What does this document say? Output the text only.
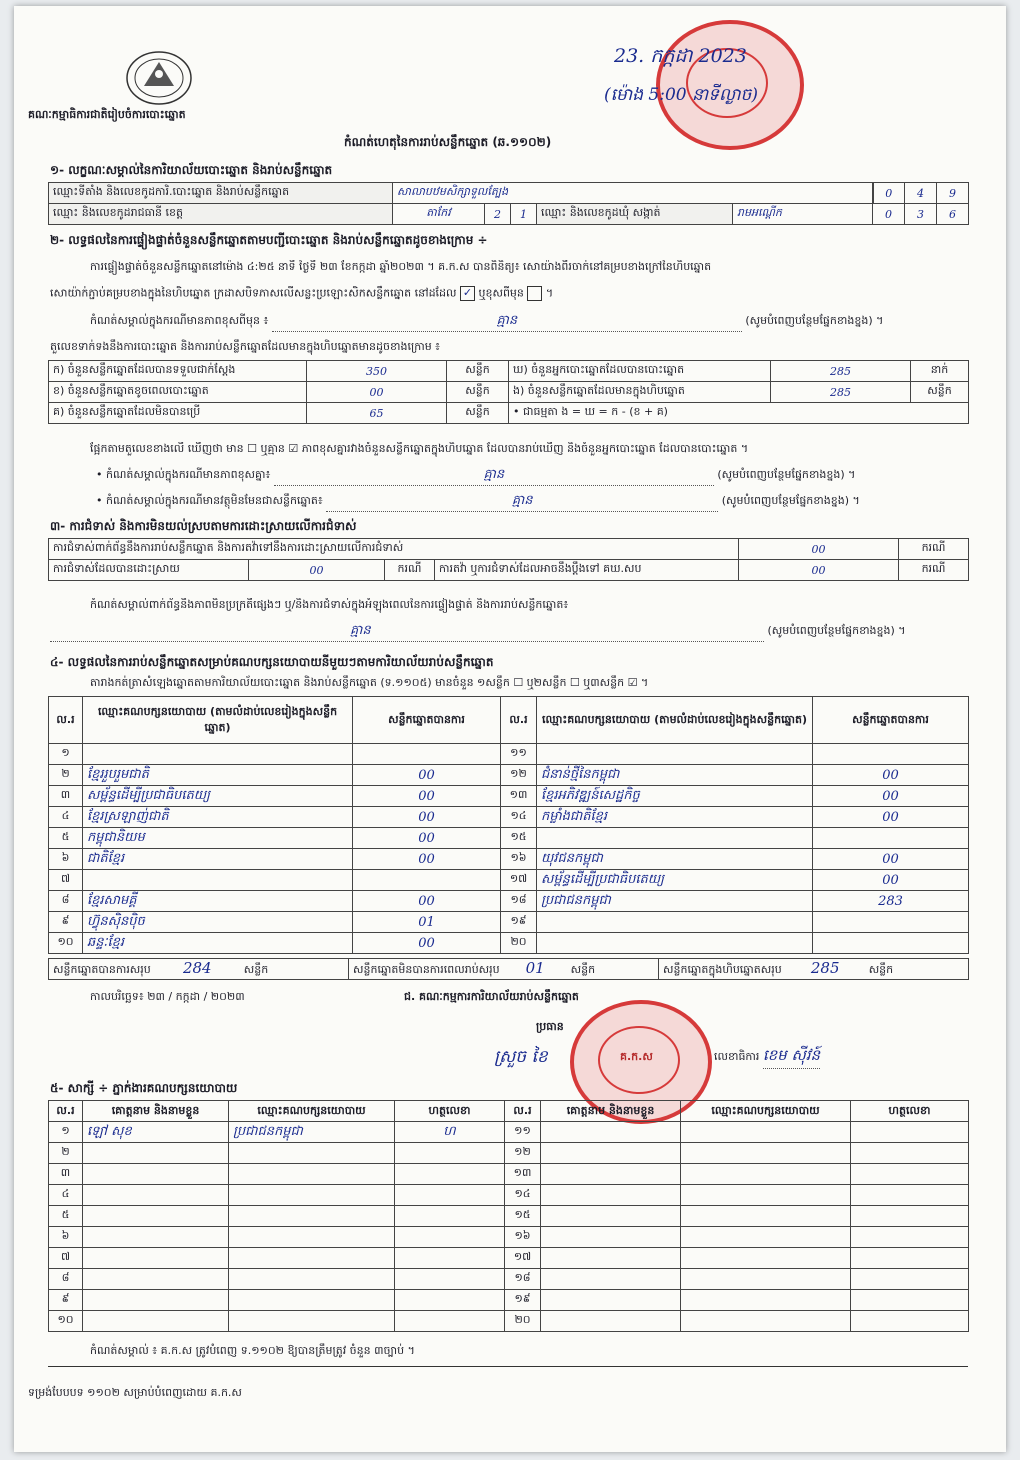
គណៈកម្មាធិការជាតិរៀបចំការបោះឆ្នោត
23. កក្កដា 2023
(ម៉ោង 5:00 នាទីល្ងាច)
កំណត់ហេតុនៃការរាប់សន្លឹកឆ្នោត (ឆ.១១០២)
១- លក្ខណៈសម្គាល់នៃការិយាល័យបោះឆ្នោត និងរាប់សន្លឹកឆ្នោត
ឈ្មោះទីតាំង និងលេខកូដការិ.បោះឆ្នោត និងរាប់សន្លឹកឆ្នោត	សាលាបឋមសិក្សាទួលត្បែង					0	4	9
ឈ្មោះ និងលេខកូដរាជធានី ខេត្ត	តាកែវ	2	1	ឈ្មោះ និងលេខកូដឃុំ សង្កាត់	រាមអណ្ដើក	0	3	6
២- លទ្ធផលនៃការផ្ទៀងផ្ទាត់ចំនួនសន្លឹកឆ្នោតតាមបញ្ជីបោះឆ្នោត និងរាប់សន្លឹកឆ្នោតដូចខាងក្រោម ÷
ការផ្ទៀងផ្ទាត់ចំនួនសន្លឹកឆ្នោតនៅម៉ោង ៤:២៥ នាទី ថ្ងៃទី ២៣ ខែកក្កដា ឆ្នាំ២០២៣ ។ គ.ក.ស បានពិនិត្យ៖ សោយ៉ាងពីរចាក់នៅគម្របខាងក្រៅនៃហិបឆ្នោត
សោយ៉ាក់ភ្ជាប់គម្របខាងក្នុងនៃហិបឆ្នោត ក្រដាសបិទភាសលើសន្លះប្រឡោះសិកសន្លឹកឆ្នោត នៅដដែល ✓ ឬខុសពីមុន  ។
កំណត់សម្គាល់ក្នុងករណីមានភាពខុសពីមុន ៖	គ្មាន	(សូមបំពេញបន្ថែមផ្នែកខាងខ្នង) ។
តួលេខទាក់ទងនឹងការបោះឆ្នោត និងការរាប់សន្លឹកឆ្នោតដែលមានក្នុងហិបឆ្នោតមានដូចខាងក្រោម ៖
ក) ចំនួនសន្លឹកឆ្នោតដែលបានទទួលជាក់ស្តែង	350	សន្លឹក	ឃ) ចំនួនអ្នកបោះឆ្នោតដែលបានបោះឆ្នោត	285	នាក់
ខ) ចំនួនសន្លឹកឆ្នោតខូចពេលបោះឆ្នោត	00	សន្លឹក	ង) ចំនួនសន្លឹកឆ្នោតដែលមានក្នុងហិបឆ្នោត	285	សន្លឹក
គ) ចំនួនសន្លឹកឆ្នោតដែលមិនបានប្រើ	65	សន្លឹក	• ជាធម្មតា ង = ឃ = ក - (ខ + គ)		
ផ្អែកតាមតួលេខខាងលើ ឃើញថា មាន ☐ ឬគ្មាន ☑ ភាពខុសគ្នារវាងចំនួនសន្លឹកឆ្នោតក្នុងហិបឆ្នោត ដែលបានរាប់ឃើញ និងចំនួនអ្នកបោះឆ្នោត ដែលបានបោះឆ្នោត ។
• កំណត់សម្គាល់ក្នុងករណីមានភាពខុសគ្នា៖	គ្មាន	(សូមបំពេញបន្ថែមផ្នែកខាងខ្នង) ។
• កំណត់សម្គាល់ក្នុងករណីមានវត្ថុមិនមែនជាសន្លឹកឆ្នោត៖	គ្មាន	(សូមបំពេញបន្ថែមផ្នែកខាងខ្នង) ។
៣- ការជំទាស់ និងការមិនយល់ស្របតាមការដោះស្រាយលើការជំទាស់
ការជំទាស់ពាក់ព័ន្ធនឹងការរាប់សន្លឹកឆ្នោត និងការតវ៉ាទៅនឹងការដោះស្រាយលើការជំទាស់				00	ករណី
ការជំទាស់ដែលបានដោះស្រាយ	00	ករណី	ការតវ៉ា ឬការជំទាស់ដែលអាចនឹងប្ដឹងទៅ គឃ.សប	00	ករណី
កំណត់សម្គាល់ពាក់ព័ន្ធនឹងភាពមិនប្រក្រតីផ្សេងៗ ឬ/និងការជំទាស់ក្នុងអំឡុងពេលនៃការផ្ទៀងផ្ទាត់ និងការរាប់សន្លឹកឆ្នោត៖
គ្មាន	(សូមបំពេញបន្ថែមផ្នែកខាងខ្នង) ។
៤- លទ្ធផលនៃការរាប់សន្លឹកឆ្នោតសម្រាប់គណបក្សនយោបាយនីមួយៗតាមការិយាល័យរាប់សន្លឹកឆ្នោត
តារាងកត់ត្រាសំឡេងឆ្នោតតាមការិយាល័យបោះឆ្នោត និងរាប់សន្លឹកឆ្នោត (ទ.១១០៥) មានចំនួន ១សន្លឹក ☐ ឬ២សន្លឹក ☐ ឬ៣សន្លឹក ☑ ។
ល.រ	ឈ្មោះគណបក្សនយោបាយ (តាមលំដាប់លេខរៀងក្នុងសន្លឹកឆ្នោត)	សន្លឹកឆ្នោតបានការ	ល.រ	ឈ្មោះគណបក្សនយោបាយ (តាមលំដាប់លេខរៀងក្នុងសន្លឹកឆ្នោត)	សន្លឹកឆ្នោតបានការ
១			១១		
២	ខ្មែររួបរួមជាតិ	00	១២	ជំនាន់ថ្មីនៃកម្ពុជា	00
៣	សម្ព័ន្ធដើម្បីប្រជាធិបតេយ្យ	00	១៣	ខ្មែរអភិវឌ្ឍន៍សេដ្ឋកិច្ច	00
៤	ខ្មែរស្រឡាញ់ជាតិ	00	១៤	កម្លាំងជាតិខ្មែរ	00
៥	កម្ពុជានិយម	00	១៥		
៦	ជាតិខ្មែរ	00	១៦	យុវជនកម្ពុជា	00
៧			១៧	សម្ព័ន្ធដើម្បីប្រជាធិបតេយ្យ	00
៨	ខ្មែរសាមគ្គី	00	១៨	ប្រជាជនកម្ពុជា	283
៩	ហ៊្វុនស៊ិនប៉ិច	01	១៩		
១០	ឆន្ទៈខ្មែរ	00	២០		
សន្លឹកឆ្នោតបានការសរុប 284	សន្លឹក	សន្លឹកឆ្នោតមិនបានការពេលរាប់សរុប 01 សន្លឹក	សន្លឹកឆ្នោតក្នុងហិបឆ្នោតសរុប 285	សន្លឹក
កាលបរិច្ឆេទ៖ ២៣ / កក្កដា / ២០២៣	ជ. គណៈកម្មការការិយាល័យរាប់សន្លឹកឆ្នោត
ប្រធាន
ស្រួច ខៃ	គ.ក.ស	លេខាធិការ ខេម ស៊ីវន៍
៥- សាក្សី ÷ ភ្នាក់ងារគណបក្សនយោបាយ
ល.រ	គោត្តនាម និងនាមខ្លួន	ឈ្មោះគណបក្សនយោបាយ	ហត្ថលេខា	ល.រ	គោត្តនាម និងនាមខ្លួន	ឈ្មោះគណបក្សនយោបាយ	ហត្ថលេខា
១	ឡៅ សុខ	ប្រជាជនកម្ពុជា	ហ	១១			
២				១២			
៣				១៣			
៤				១៤			
៥				១៥			
៦				១៦			
៧				១៧			
៨				១៨			
៩				១៩			
១០				២០			
កំណត់សម្គាល់ ៖ គ.ក.ស ត្រូវបំពេញ ទ.១១០២ ឱ្យបានត្រឹមត្រូវ ចំនួន ៣ច្បាប់ ។
ទម្រង់បែបបទ ១១០២ សម្រាប់បំពេញដោយ គ.ក.ស
